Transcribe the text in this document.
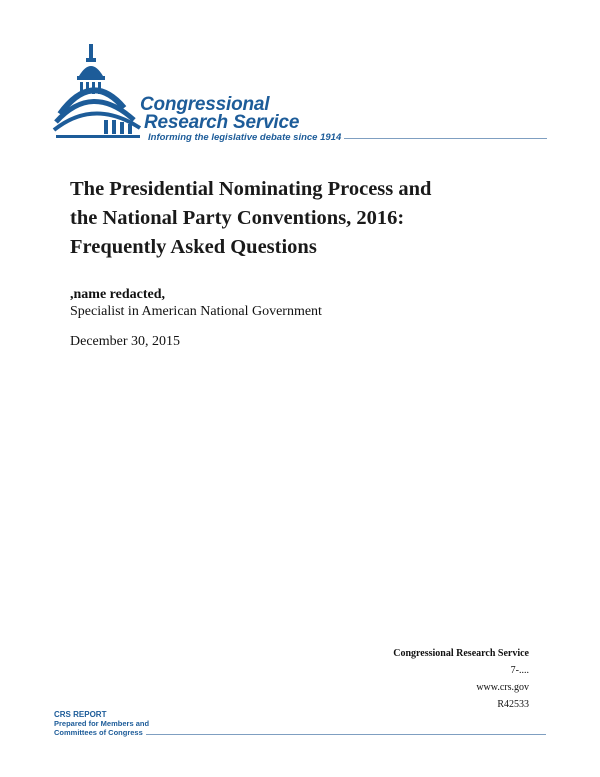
Congressional
Research Service
Informing the legislative debate since 1914
The Presidential Nominating Process and
the National Party Conventions, 2016:
Frequently Asked Questions
,name redacted,
Specialist in American National Government
December 30, 2015
Congressional Research Service
7-....
www.crs.gov
R42533
CRS REPORT
Prepared for Members and
Committees of Congress
